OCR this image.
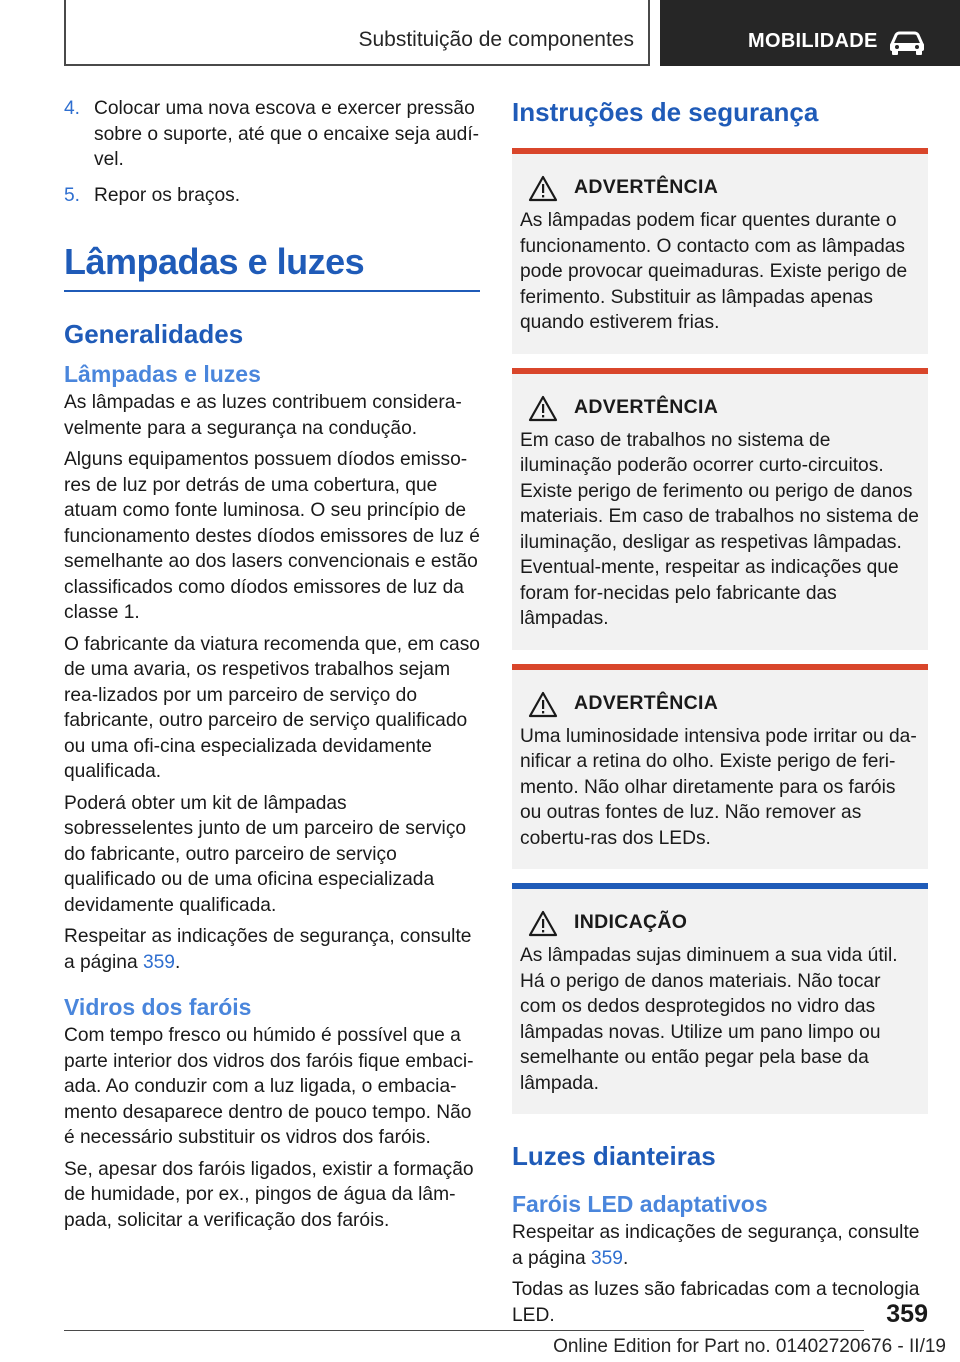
Substituição de componentes	MOBILIDADE
4. Colocar uma nova escova e exercer pressão sobre o suporte, até que o encaixe seja audí-vel.
5. Repor os braços.
Lâmpadas e luzes
Generalidades
Lâmpadas e luzes

As lâmpadas e as luzes contribuem considera-velmente para a segurança na condução.

Alguns equipamentos possuem díodos emisso-res de luz por detrás de uma cobertura, que atuam como fonte luminosa. O seu princípio de funcionamento destes díodos emissores de luz é semelhante ao dos lasers convencionais e estão classificados como díodos emissores de luz da classe 1.

O fabricante da viatura recomenda que, em caso de uma avaria, os respetivos trabalhos sejam rea-lizados por um parceiro de serviço do fabricante, outro parceiro de serviço qualificado ou uma ofi-cina especializada devidamente qualificada.

Poderá obter um kit de lâmpadas sobresselentes junto de um parceiro de serviço do fabricante, outro parceiro de serviço qualificado ou de uma oficina especializada devidamente qualificada.

Respeitar as indicações de segurança, consulte a página 359.

Vidros dos faróis

Com tempo fresco ou húmido é possível que a parte interior dos vidros dos faróis fique embaci-ada. Ao conduzir com a luz ligada, o embacia-mento desaparece dentro de pouco tempo. Não é necessário substituir os vidros dos faróis.

Se, apesar dos faróis ligados, existir a formação de humidade, por ex., pingos de água da lâm-pada, solicitar a verificação dos faróis.

Instruções de segurança
ADVERTÊNCIA
As lâmpadas podem ficar quentes durante o funcionamento. O contacto com as lâmpadas pode provocar queimaduras. Existe perigo de ferimento. Substituir as lâmpadas apenas quando estiverem frias.
ADVERTÊNCIA
Em caso de trabalhos no sistema de iluminação poderão ocorrer curto-circuitos. Existe perigo de ferimento ou perigo de danos materiais. Em caso de trabalhos no sistema de iluminação, desligar as respetivas lâmpadas. Eventual-mente, respeitar as indicações que foram for-necidas pelo fabricante das lâmpadas.
ADVERTÊNCIA
Uma luminosidade intensiva pode irritar ou da-nificar a retina do olho. Existe perigo de feri-mento. Não olhar diretamente para os faróis ou outras fontes de luz. Não remover as cobertu-ras dos LEDs.
INDICAÇÃO
As lâmpadas sujas diminuem a sua vida útil. Há o perigo de danos materiais. Não tocar com os dedos desprotegidos no vidro das lâmpadas novas. Utilize um pano limpo ou semelhante ou então pegar pela base da lâmpada.
Luzes dianteiras
Faróis LED adaptativos

Respeitar as indicações de segurança, consulte a página 359.

Todas as luzes são fabricadas com a tecnologia LED.	359
Online Edition for Part no. 01402720676 - II/19
